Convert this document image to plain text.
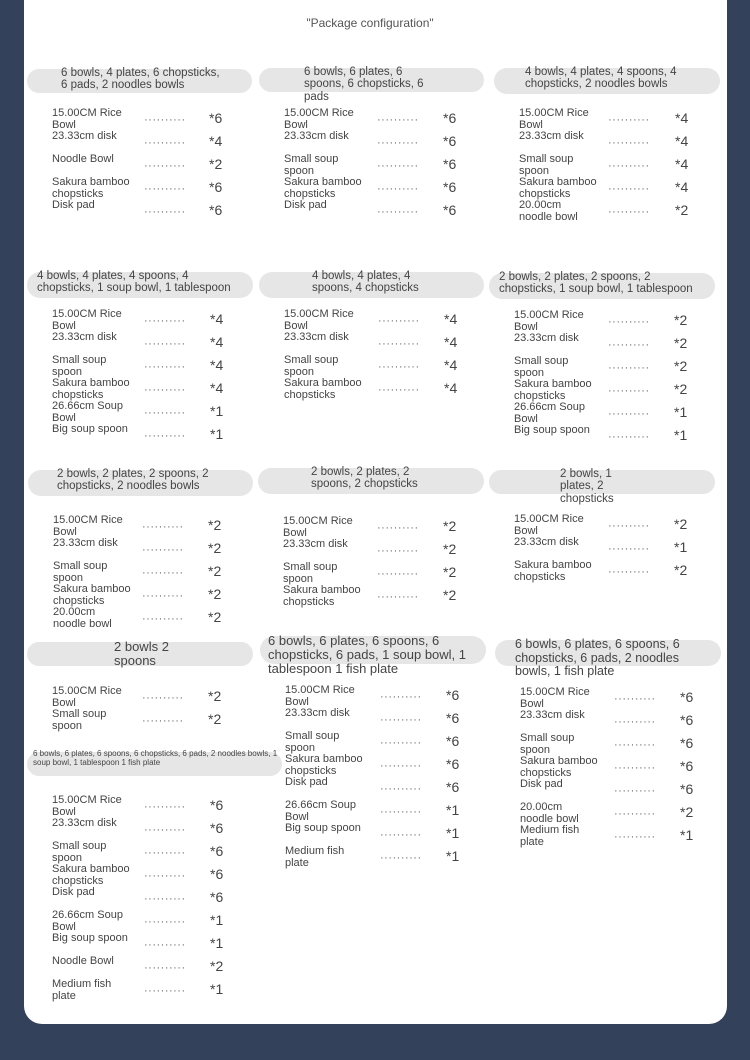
"Package configuration"
6 bowls, 4 plates, 6 chopsticks, 6 pads, 2 noodles bowls
15.00CM Rice Bowl ·····	*6
23.33cm disk ·····	*4
Noodle Bowl ·····	*2
Sakura bamboo chopsticks ·····	*6
Disk pad ·····	*6
6 bowls, 6 plates, 6 spoons, 6 chopsticks, 6 pads
15.00CM Rice Bowl ·····	*6
23.33cm disk ·····	*6
Small soup spoon ·····	*6
Sakura bamboo chopsticks ·····	*6
Disk pad ·····	*6
4 bowls, 4 plates, 4 spoons, 4 chopsticks, 2 noodles bowls
15.00CM Rice Bowl ·····	*4
23.33cm disk ·····	*4
Small soup spoon ·····	*4
Sakura bamboo chopsticks ·····	*4
20.00cm noodle bowl ·····	*2
4 bowls, 4 plates, 4 spoons, 4 chopsticks, 1 soup bowl, 1 tablespoon
15.00CM Rice Bowl ·····	*4
23.33cm disk ·····	*4
Small soup spoon ·····	*4
Sakura bamboo chopsticks ·····	*4
26.66cm Soup Bowl ·····	*1
Big soup spoon ·····	*1
4 bowls, 4 plates, 4 spoons, 4 chopsticks
15.00CM Rice Bowl ·····	*4
23.33cm disk ·····	*4
Small soup spoon ·····	*4
Sakura bamboo chopsticks ·····	*4
2 bowls, 2 plates, 2 spoons, 2 chopsticks, 1 soup bowl, 1 tablespoon
15.00CM Rice Bowl ·····	*2
23.33cm disk ·····	*2
Small soup spoon ·····	*2
Sakura bamboo chopsticks ·····	*2
26.66cm Soup Bowl ·····	*1
Big soup spoon ·····	*1
2 bowls, 2 plates, 2 spoons, 2 chopsticks, 2 noodles bowls
15.00CM Rice Bowl ·····	*2
23.33cm disk ·····	*2
Small soup spoon ·····	*2
Sakura bamboo chopsticks ·····	*2
20.00cm noodle bowl ·····	*2
2 bowls, 2 plates, 2 spoons, 2 chopsticks
15.00CM Rice Bowl ·····	*2
23.33cm disk ·····	*2
Small soup spoon ·····	*2
Sakura bamboo chopsticks ·····	*2
2 bowls, 1 plates, 2 chopsticks
15.00CM Rice Bowl ·····	*2
23.33cm disk ·····	*1
Sakura bamboo chopsticks ·····	*2
2 bowls 2 spoons
15.00CM Rice Bowl ·····	*2
Small soup spoon ·····	*2
6 bowls, 6 plates, 6 spoons, 6 chopsticks, 6 pads, 1 soup bowl, 1 tablespoon 1 fish plate
15.00CM Rice Bowl ·····	*6
23.33cm disk ·····	*6
Small soup spoon ·····	*6
Sakura bamboo chopsticks ·····	*6
Disk pad ·····	*6
26.66cm Soup Bowl ·····	*1
Big soup spoon ·····	*1
Medium fish plate ·····	*1
6 bowls, 6 plates, 6 spoons, 6 chopsticks, 6 pads, 2 noodles bowls, 1 fish plate
15.00CM Rice Bowl ·····	*6
23.33cm disk ·····	*6
Small soup spoon ·····	*6
Sakura bamboo chopsticks ·····	*6
Disk pad ·····	*6
20.00cm noodle bowl ·····	*2
Medium fish plate ·····	*1
6 bowls, 6 plates, 6 spoons, 6 chopsticks, 6 pads, 2 noodles bowls, 1 soup bowl, 1 tablespoon 1 fish plate
15.00CM Rice Bowl ·····	*6
23.33cm disk ·····	*6
Small soup spoon ·····	*6
Sakura bamboo chopsticks ·····	*6
Disk pad ·····	*6
26.66cm Soup Bowl ·····	*1
Big soup spoon ·····	*1
Noodle Bowl ·····	*2
Medium fish plate ·····	*1
